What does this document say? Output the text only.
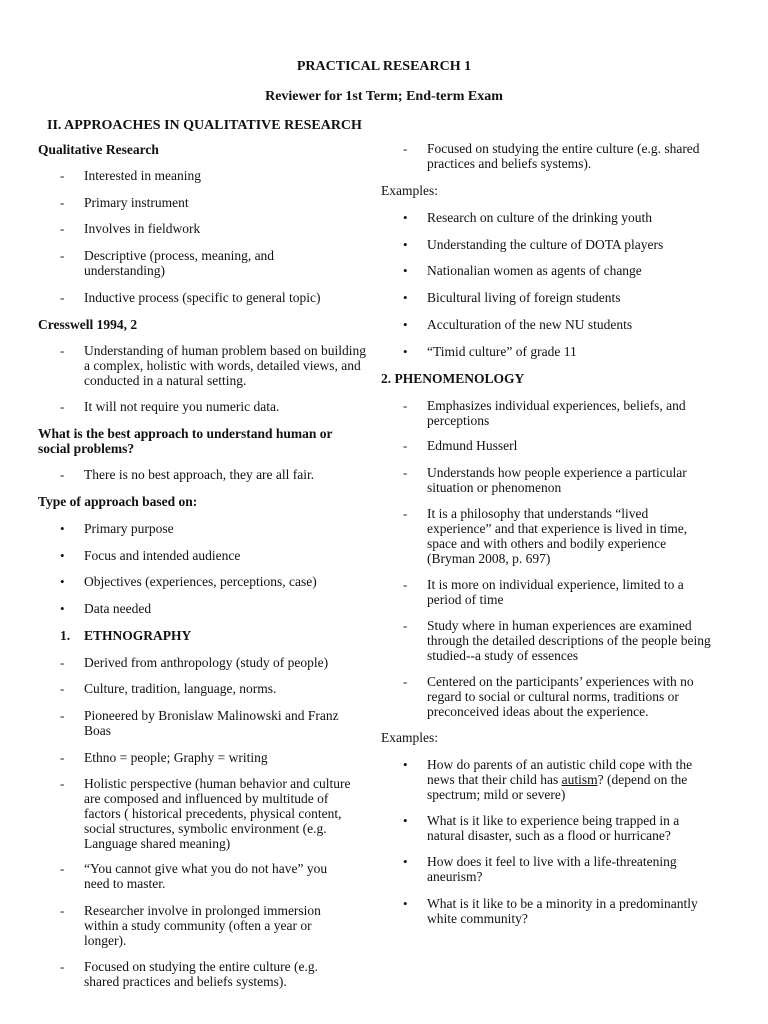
PRACTICAL RESEARCH 1
Reviewer for 1st Term; End-term Exam
II. APPROACHES IN QUALITATIVE RESEARCH
Qualitative Research
- Interested in meaning
- Primary instrument
- Involves in fieldwork
- Descriptive (process, meaning, and understanding)
- Inductive process (specific to general topic)
Cresswell 1994, 2
- Understanding of human problem based on building a complex, holistic with words, detailed views, and conducted in a natural setting.
- It will not require you numeric data.
What is the best approach to understand human or social problems?
- There is no best approach, they are all fair.
Type of approach based on:
• Primary purpose
• Focus and intended audience
• Objectives (experiences, perceptions, case)
• Data needed
1. ETHNOGRAPHY
- Derived from anthropology (study of people)
- Culture, tradition, language, norms.
- Pioneered by Bronislaw Malinowski and Franz Boas
- Ethno = people; Graphy = writing
- Holistic perspective (human behavior and culture are composed and influenced by multitude of factors ( historical precedents, physical content, social structures, symbolic environment (e.g. Language shared meaning)
- “You cannot give what you do not have” you need to master.
- Researcher involve in prolonged immersion within a study community (often a year or longer).
- Focused on studying the entire culture (e.g. shared practices and beliefs systems).
- Focused on studying the entire culture (e.g. shared practices and beliefs systems).
Examples:
• Research on culture of the drinking youth
• Understanding the culture of DOTA players
• Nationalian women as agents of change
• Bicultural living of foreign students
• Acculturation of the new NU students
• “Timid culture” of grade 11
2. PHENOMENOLOGY
- Emphasizes individual experiences, beliefs, and perceptions
- Edmund Husserl
- Understands how people experience a particular situation or phenomenon
- It is a philosophy that understands “lived experience” and that experience is lived in time, space and with others and bodily experience (Bryman 2008, p. 697)
- It is more on individual experience, limited to a period of time
- Study where in human experiences are examined through the detailed descriptions of the people being studied--a study of essences
- Centered on the participants’ experiences with no regard to social or cultural norms, traditions or preconceived ideas about the experience.
Examples:
• How do parents of an autistic child cope with the news that their child has autism? (depend on the spectrum; mild or severe)
• What is it like to experience being trapped in a natural disaster, such as a flood or hurricane?
• How does it feel to live with a life-threatening aneurism?
• What is it like to be a minority in a predominantly white community?
